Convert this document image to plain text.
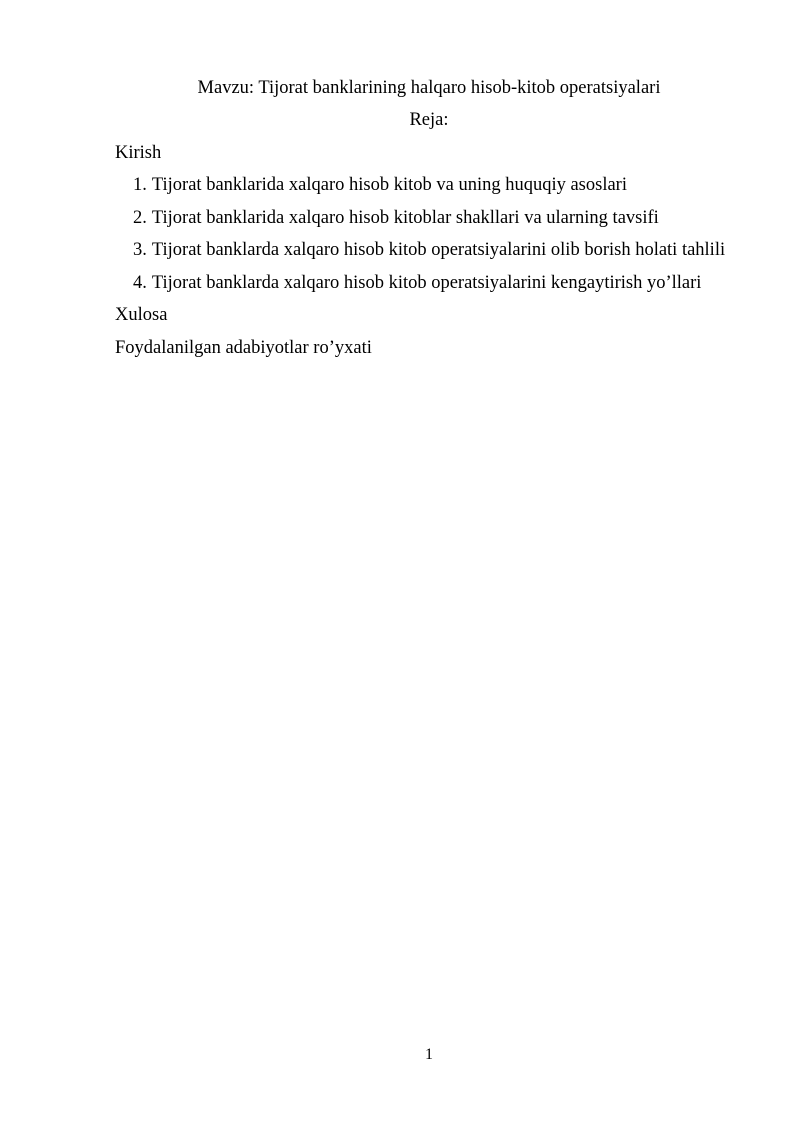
Mavzu: Tijorat banklarining halqaro hisob-kitob operatsiyalari
Reja:
Kirish
1. Tijorat banklarida xalqaro hisob kitob va uning huquqiy asoslari
2. Tijorat banklarida xalqaro hisob kitoblar shakllari va ularning tavsifi
3. Tijorat banklarda xalqaro hisob kitob operatsiyalarini olib borish holati tahlili
4. Tijorat banklarda xalqaro hisob kitob operatsiyalarini kengaytirish yo’llari
Xulosa
Foydalanilgan adabiyotlar ro’yxati
1
